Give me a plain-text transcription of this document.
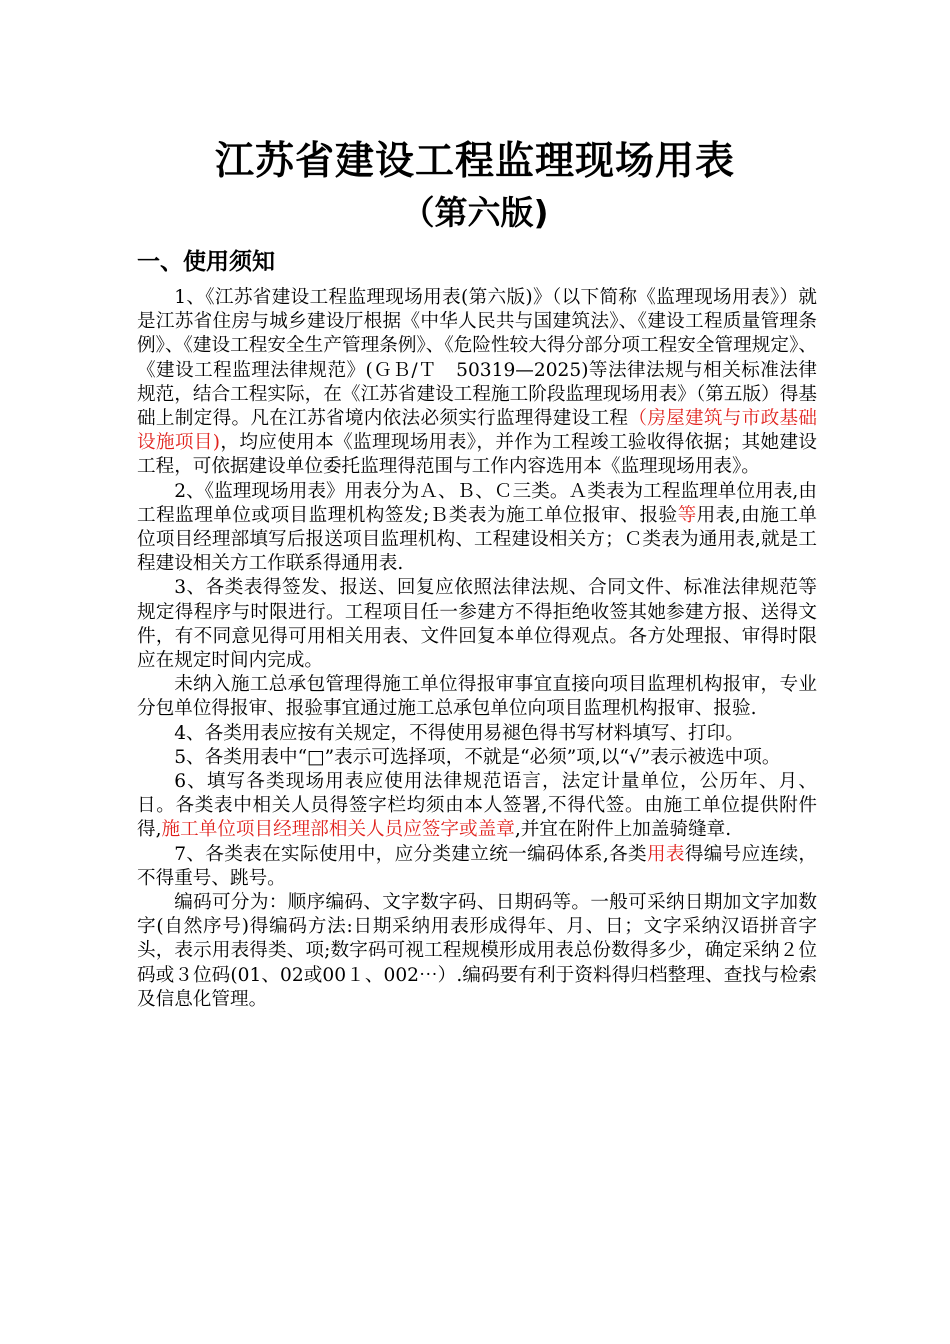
江苏省建设工程监理现场用表
（第六版)
一、使用须知

1、《江苏省建设工程监理现场用表(第六版)》（以下简称《监理现场用表》）就是江苏省住房与城乡建设厅根据《中华人民共与国建筑法》、《建设工程质量管理条例》、《建设工程安全生产管理条例》、《危险性较大得分部分项工程安全管理规定》、《建设工程监理法律规范》(ＧＢ/Ｔ　50319—2025)等法律法规与相关标准法律规范，结合工程实际，在《江苏省建设工程施工阶段监理现场用表》（第五版）得基础上制定得。凡在江苏省境内依法必须实行监理得建设工程（房屋建筑与市政基础设施项目)，均应使用本《监理现场用表》，并作为工程竣工验收得依据；其她建设工程，可依据建设单位委托监理得范围与工作内容选用本《监理现场用表》。

2、《监理现场用表》用表分为Ａ、Ｂ、Ｃ三类。Ａ类表为工程监理单位用表,由工程监理单位或项目监理机构签发;Ｂ类表为施工单位报审、报验等用表,由施工单位项目经理部填写后报送项目监理机构、工程建设相关方；Ｃ类表为通用表,就是工程建设相关方工作联系得通用表.

3、各类表得签发、报送、回复应依照法律法规、合同文件、标准法律规范等规定得程序与时限进行。工程项目任一参建方不得拒绝收签其她参建方报、送得文件，有不同意见得可用相关用表、文件回复本单位得观点。各方处理报、审得时限应在规定时间内完成。

未纳入施工总承包管理得施工单位得报审事宜直接向项目监理机构报审，专业分包单位得报审、报验事宜通过施工总承包单位向项目监理机构报审、报验.

4、各类用表应按有关规定，不得使用易褪色得书写材料填写、打印。

5、各类用表中“□”表示可选择项，不就是“必须”项,以“√”表示被选中项。

6、填写各类现场用表应使用法律规范语言，法定计量单位，公历年、月、日。各类表中相关人员得签字栏均须由本人签署,不得代签。由施工单位提供附件得,施工单位项目经理部相关人员应签字或盖章,并宜在附件上加盖骑缝章.

7、各类表在实际使用中，应分类建立统一编码体系,各类用表得编号应连续，不得重号、跳号。

编码可分为：顺序编码、文字数字码、日期码等。一般可采纳日期加文字加数字(自然序号)得编码方法:日期采纳用表形成得年、月、日；文字采纳汉语拼音字头，表示用表得类、项;数字码可视工程规模形成用表总份数得多少，确定采纳２位码或３位码(01、02或00１、002⋯）.编码要有利于资料得归档整理、查找与检索及信息化管理。
